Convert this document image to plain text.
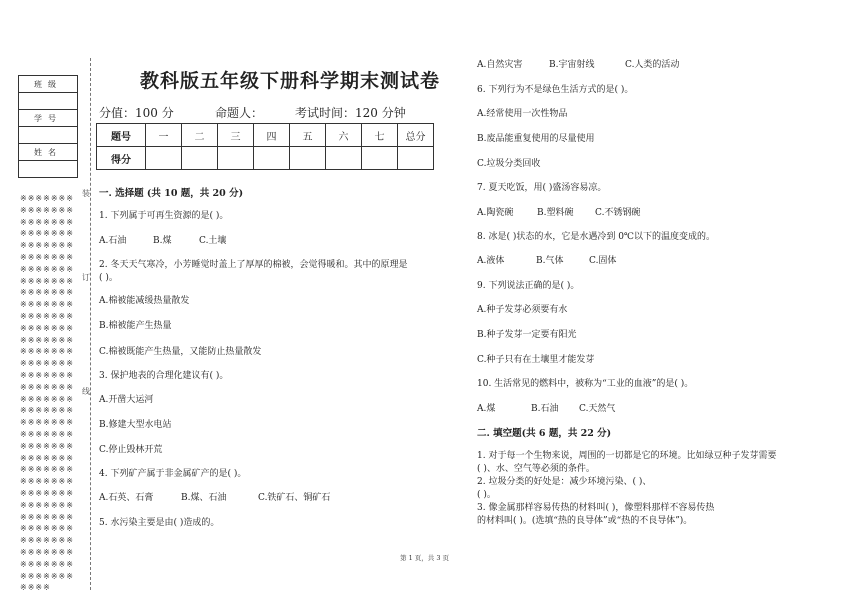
班级

学号

姓名

※※※※※※※※※※※※※※※※※※※※※※※※※※※※※※※※※※※※※※※※※※※※※※※※※※※※※※※※※※※※※※※※※※※※※※※※※※※※※※※※※※※※※※※※※※※※※※※※※※※※※※※※※※※※※※※※※※※※※※※※※※※※※※※※※※※※※※※※※※※※※※※※※※※※※※※※※※※※※※※※※※※※※※※※※※※※※※※※※※※※※※※※※※※※※※※※※※※※※※※※※※※※※※※※※※※※※※※※※※※※※※※※※※※※※※※※※※※
装
订
线
教科版五年级下册科学期末测试卷
分值：100 分	命题人：	考试时间：120 分钟
题号	一	二	三	四	五	六	七	总分
得分								
一. 选择题 (共 10 题，共 20 分)
1. 下列属于可再生资源的是( )。
A.石油	B.煤	C.土壤
2. 冬天天气寒冷，小芳睡觉时盖上了厚厚的棉被，会觉得暖和。其中的原理是
( )。
A.棉被能减缓热量散发
B.棉被能产生热量
C.棉被既能产生热量，又能防止热量散发
3. 保护地表的合理化建议有( )。
A.开凿大运河
B.修建大型水电站
C.停止毁林开荒
4. 下列矿产属于非金属矿产的是( )。
A.石英、石膏	B.煤、石油	C.铁矿石、铜矿石
5. 水污染主要是由( )造成的。
A.自然灾害	B.宇宙射线	C.人类的活动
6. 下列行为不是绿色生活方式的是( )。
A.经常使用一次性物品
B.废品能重复使用的尽量使用
C.垃圾分类回收
7. 夏天吃饭，用( )盛汤容易凉。
A.陶瓷碗	B.塑料碗 C.不锈钢碗
8. 冰是( )状态的水，它是水遇冷到 0℃以下的温度变成的。
A.液体	B.气体	C.固体
9. 下列说法正确的是( )。
A.种子发芽必须要有水
B.种子发芽一定要有阳光
C.种子只有在土壤里才能发芽
10. 生活常见的燃料中，被称为“工业的血液”的是( )。
A.煤	B.石油 C.天然气
二. 填空题(共 6 题，共 22 分)
1. 对于每一个生物来说，周围的一切都是它的环境。比如绿豆种子发芽需要
( )、水、空气等必须的条件。
2. 垃圾分类的好处是：减少环境污染、( )、
( )。
3. 像金属那样容易传热的材料叫( )，像塑料那样不容易传热
的材料叫( )。(选填“热的良导体”或“热的不良导体”)。
第 1 页，共 3 页
